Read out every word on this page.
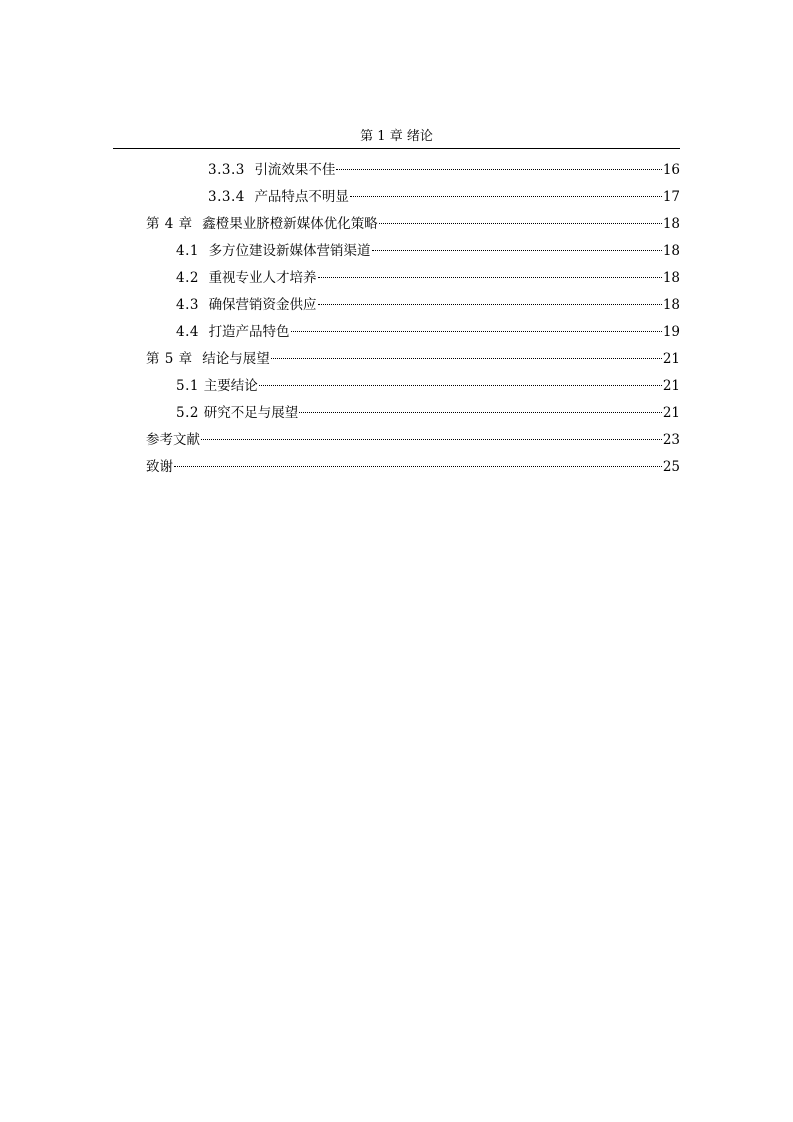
第 1 章 绪论
3.3.3 引流效果不佳	16
3.3.4 产品特点不明显	17
第 4 章 鑫橙果业脐橙新媒体优化策略	18
4.1 多方位建设新媒体营销渠道	18
4.2 重视专业人才培养	18
4.3 确保营销资金供应	18
4.4 打造产品特色	19
第 5 章 结论与展望	21
5.1 主要结论	21
5.2 研究不足与展望	21
参考文献	23
致谢	25
